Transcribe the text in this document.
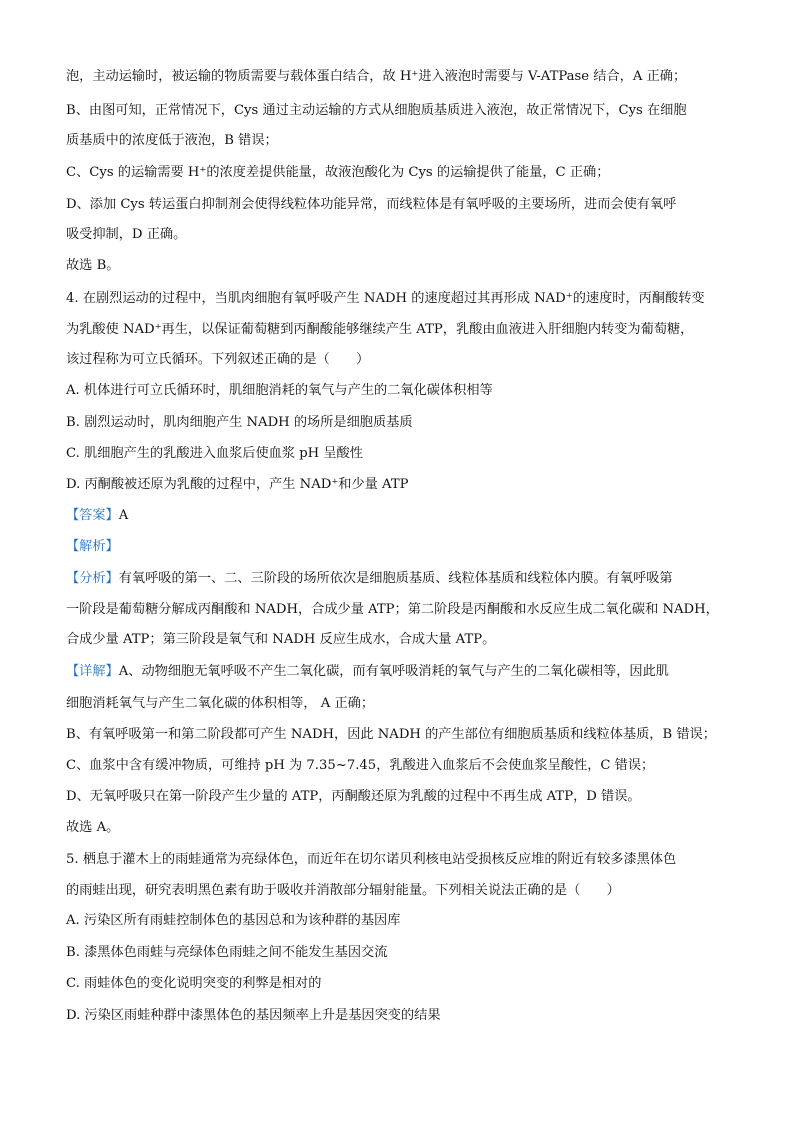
泡，主动运输时，被运输的物质需要与载体蛋白结合，故 H⁺进入液泡时需要与 V-ATPase 结合，A 正确；
B、由图可知，正常情况下，Cys 通过主动运输的方式从细胞质基质进入液泡，故正常情况下，Cys 在细胞
质基质中的浓度低于液泡，B 错误；
C、Cys 的运输需要 H⁺的浓度差提供能量，故液泡酸化为 Cys 的运输提供了能量，C 正确；
D、添加 Cys 转运蛋白抑制剂会使得线粒体功能异常，而线粒体是有氧呼吸的主要场所，进而会使有氧呼
吸受抑制，D 正确。
故选 B。
4. 在剧烈运动的过程中，当肌肉细胞有氧呼吸产生 NADH 的速度超过其再形成 NAD⁺的速度时，丙酮酸转变
为乳酸使 NAD⁺再生，以保证葡萄糖到丙酮酸能够继续产生 ATP，乳酸由血液进入肝细胞内转变为葡萄糖，
该过程称为可立氏循环。下列叙述正确的是（　　）
A. 机体进行可立氏循环时，肌细胞消耗的氧气与产生的二氧化碳体积相等
B. 剧烈运动时，肌肉细胞产生 NADH 的场所是细胞质基质
C. 肌细胞产生的乳酸进入血浆后使血浆 pH 呈酸性
D. 丙酮酸被还原为乳酸的过程中，产生 NAD⁺和少量 ATP
【答案】A
【解析】
【分析】有氧呼吸的第一、二、三阶段的场所依次是细胞质基质、线粒体基质和线粒体内膜。有氧呼吸第
一阶段是葡萄糖分解成丙酮酸和 NADH，合成少量 ATP；第二阶段是丙酮酸和水反应生成二氧化碳和 NADH，
合成少量 ATP；第三阶段是氧气和 NADH 反应生成水，合成大量 ATP。
【详解】A、动物细胞无氧呼吸不产生二氧化碳，而有氧呼吸消耗的氧气与产生的二氧化碳相等，因此肌
细胞消耗氧气与产生二氧化碳的体积相等， A 正确；
B、有氧呼吸第一和第二阶段都可产生 NADH，因此 NADH 的产生部位有细胞质基质和线粒体基质，B 错误；
C、血浆中含有缓冲物质，可维持 pH 为 7.35~7.45，乳酸进入血浆后不会使血浆呈酸性，C 错误；
D、无氧呼吸只在第一阶段产生少量的 ATP，丙酮酸还原为乳酸的过程中不再生成 ATP，D 错误。
故选 A。
5. 栖息于灌木上的雨蛙通常为亮绿体色，而近年在切尔诺贝利核电站受损核反应堆的附近有较多漆黑体色
的雨蛙出现，研究表明黑色素有助于吸收并消散部分辐射能量。下列相关说法正确的是（　　）
A. 污染区所有雨蛙控制体色的基因总和为该种群的基因库
B. 漆黑体色雨蛙与亮绿体色雨蛙之间不能发生基因交流
C. 雨蛙体色的变化说明突变的利弊是相对的
D. 污染区雨蛙种群中漆黑体色的基因频率上升是基因突变的结果
